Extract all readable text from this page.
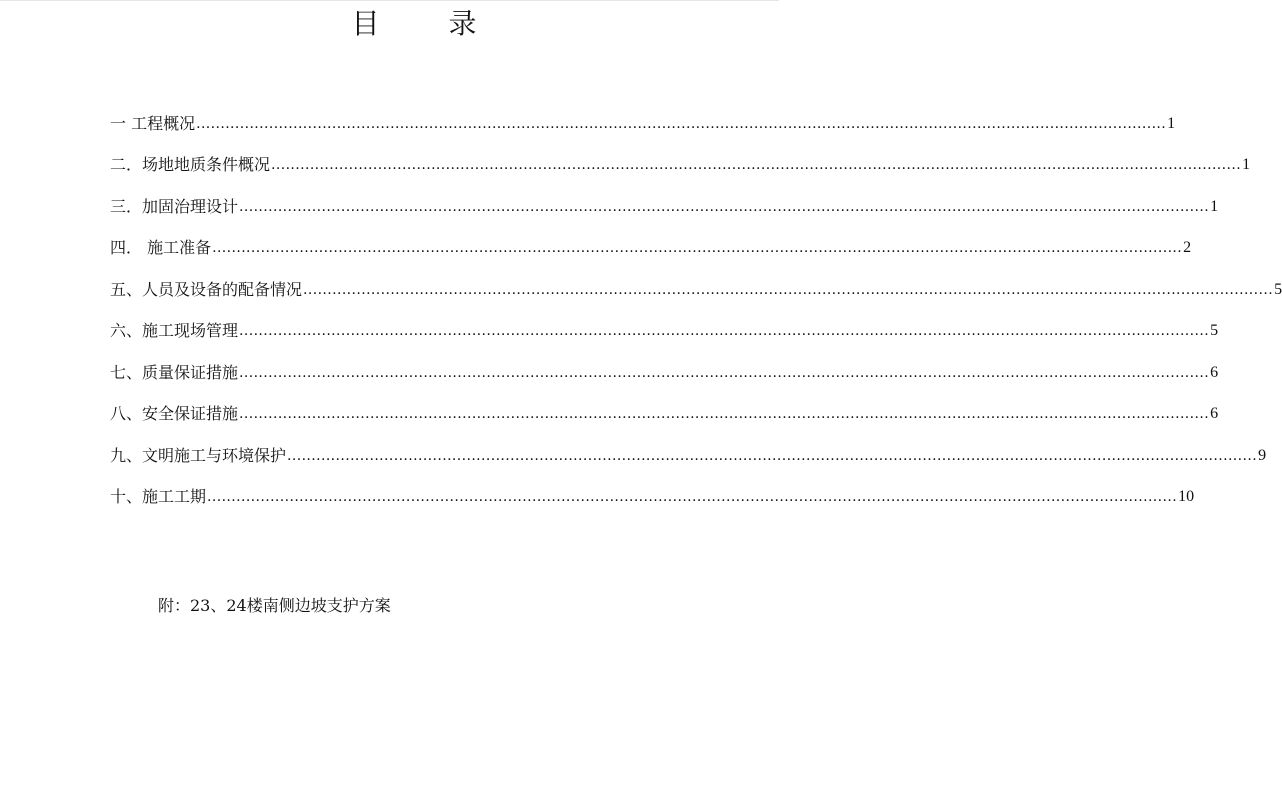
目 录
一 工程概况 ........................................................................................................................................................................................................ 1
二．场地地质条件概况 ........................................................................................................................................................................................................ 1
三．加固治理设计 ........................................................................................................................................................................................................ 1
四． 施工准备 ........................................................................................................................................................................................................ 2
五、人员及设备的配备情况 ........................................................................................................................................................................................................ 5
六、施工现场管理 ........................................................................................................................................................................................................ 5
七、质量保证措施 ........................................................................................................................................................................................................ 6
八、安全保证措施 ........................................................................................................................................................................................................ 6
九、文明施工与环境保护 ........................................................................................................................................................................................................ 9
十、施工工期 ........................................................................................................................................................................................................ 10
附：23、24楼南侧边坡支护方案
